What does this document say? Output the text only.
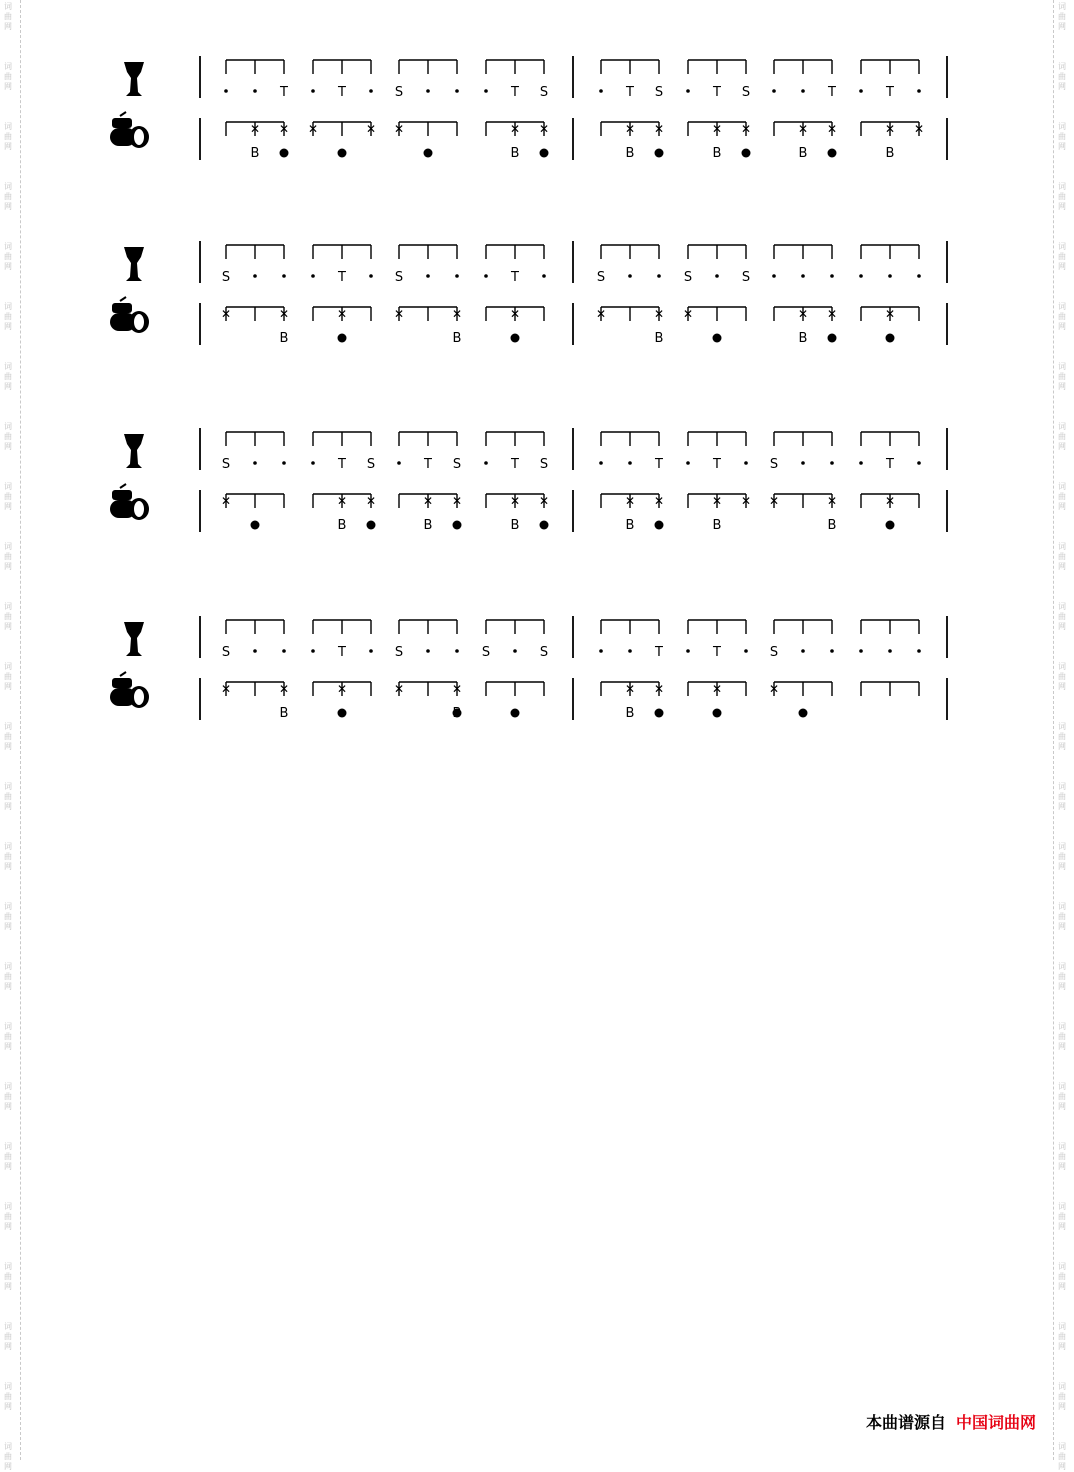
T	T	S	T S	T S	T S	T	T
✕ ✕
B
✕	✕ ✕	✕ ✕
B
✕ ✕
B
✕ ✕
B
✕ ✕
B
✕ ✕
B
S	T	S	T	S	S	S
✕	✕
B
✕	✕	✕
B
✕	✕	✕
B
✕	✕ ✕
B
✕
S	T S	T S	T S	T	T	S	T
✕	✕ ✕
B
✕ ✕
B
✕ ✕
B
✕ ✕
B
✕ ✕
B
✕	✕
B
✕
S	T	S	S	S	T	T	S
✕	✕
B
✕	✕	✕	✕ ✕
B
✕	✕
本曲谱源自 中国词曲网
词
曲
网
词
曲
网
词
曲
网
词
曲
网
词
曲
网
词
曲
网
词
曲
网
词
曲
网
词
曲
网
词
曲
网
词
曲
网
词
曲
网
词
曲
网
词
曲
网
词
曲
网
词
曲
网
词
曲
网
词
曲
网
词
曲
网
词
曲
网
词
曲
网
词
曲
网
词
曲
网
词
曲
网
词
曲
网
词
曲
网
词
曲
网
词
曲
网
词
曲
网
词
曲
网
词
曲
网
词
曲
网
词
曲
网
词
曲
网
词
曲
网
词
曲
网
词
曲
网
词
曲
网
词
曲
网
词
曲
网
词
曲
网
词
曲
网
词
曲
网
词
曲
网
词
曲
网
词
曲
网
词
曲
网
词
曲
网
词
曲
网
词
曲
网
